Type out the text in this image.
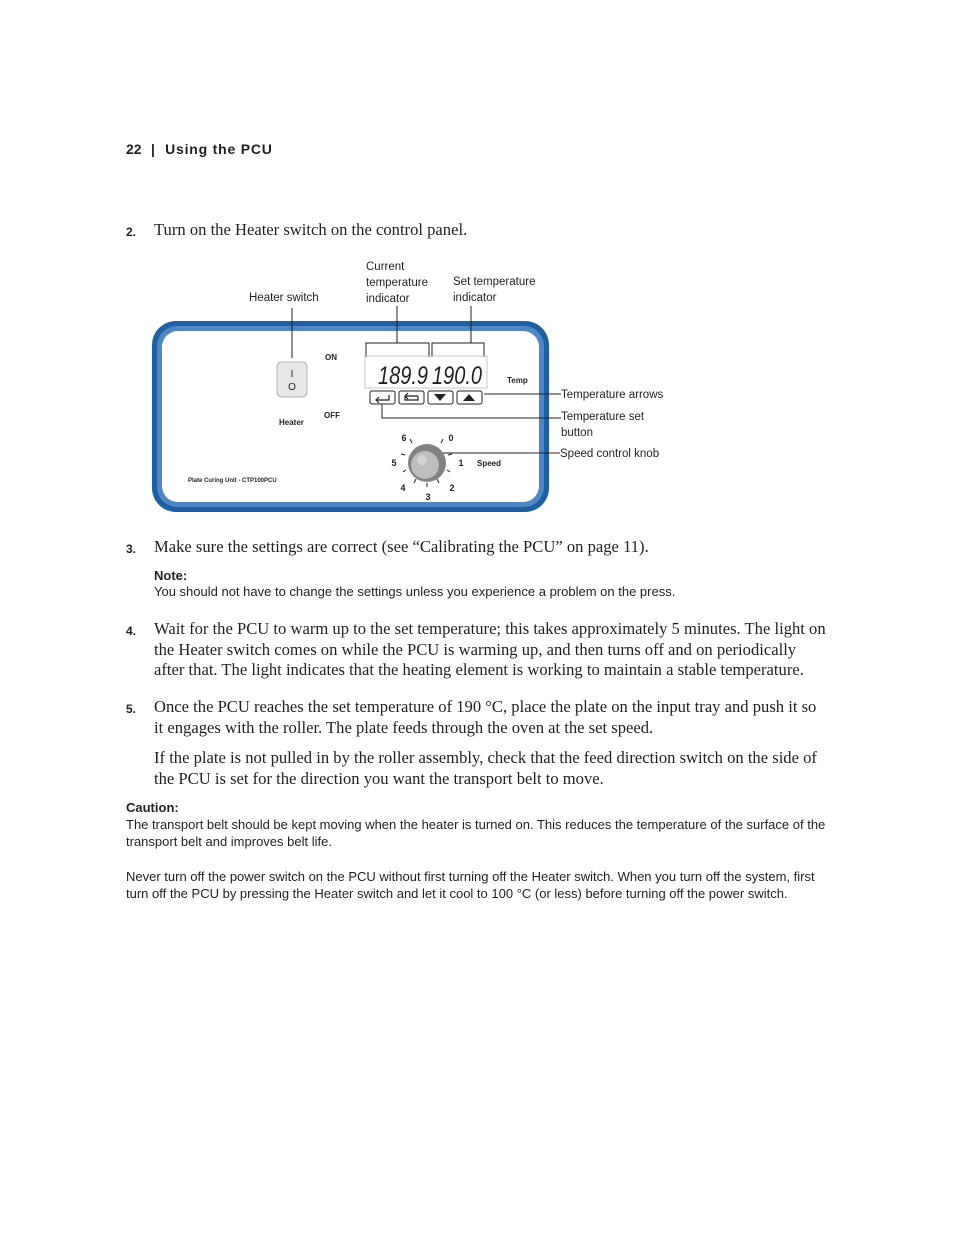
22 | Using the PCU
2. Turn on the Heater switch on the control panel.
Current
temperature
indicator
Set temperature
indicator
Heater switch
Temperature arrows
Temperature set
button
Speed control knob
I
O
ON
OFF
Heater
189.9 190.0	Temp
6	0
5	1
4
3
2
Speed
Plate Curing Unit - CTP100PCU
3. Make sure the settings are correct (see “Calibrating the PCU” on page 11).
Note:
You should not have to change the settings unless you experience a problem on the press.
4. Wait for the PCU to warm up to the set temperature; this takes approximately 5 minutes. The light on the Heater switch comes on while the PCU is warming up, and then turns off and on periodically after that. The light indicates that the heating element is working to maintain a stable temperature.
5. Once the PCU reaches the set temperature of 190 °C, place the plate on the input tray and push it so it engages with the roller. The plate feeds through the oven at the set speed.
If the plate is not pulled in by the roller assembly, check that the feed direction switch on the side of the PCU is set for the direction you want the transport belt to move.
Caution:
The transport belt should be kept moving when the heater is turned on. This reduces the temperature of the surface of the transport belt and improves belt life.
Never turn off the power switch on the PCU without first turning off the Heater switch. When you turn off the system, first turn off the PCU by pressing the Heater switch and let it cool to 100 °C (or less) before turning off the power switch.
